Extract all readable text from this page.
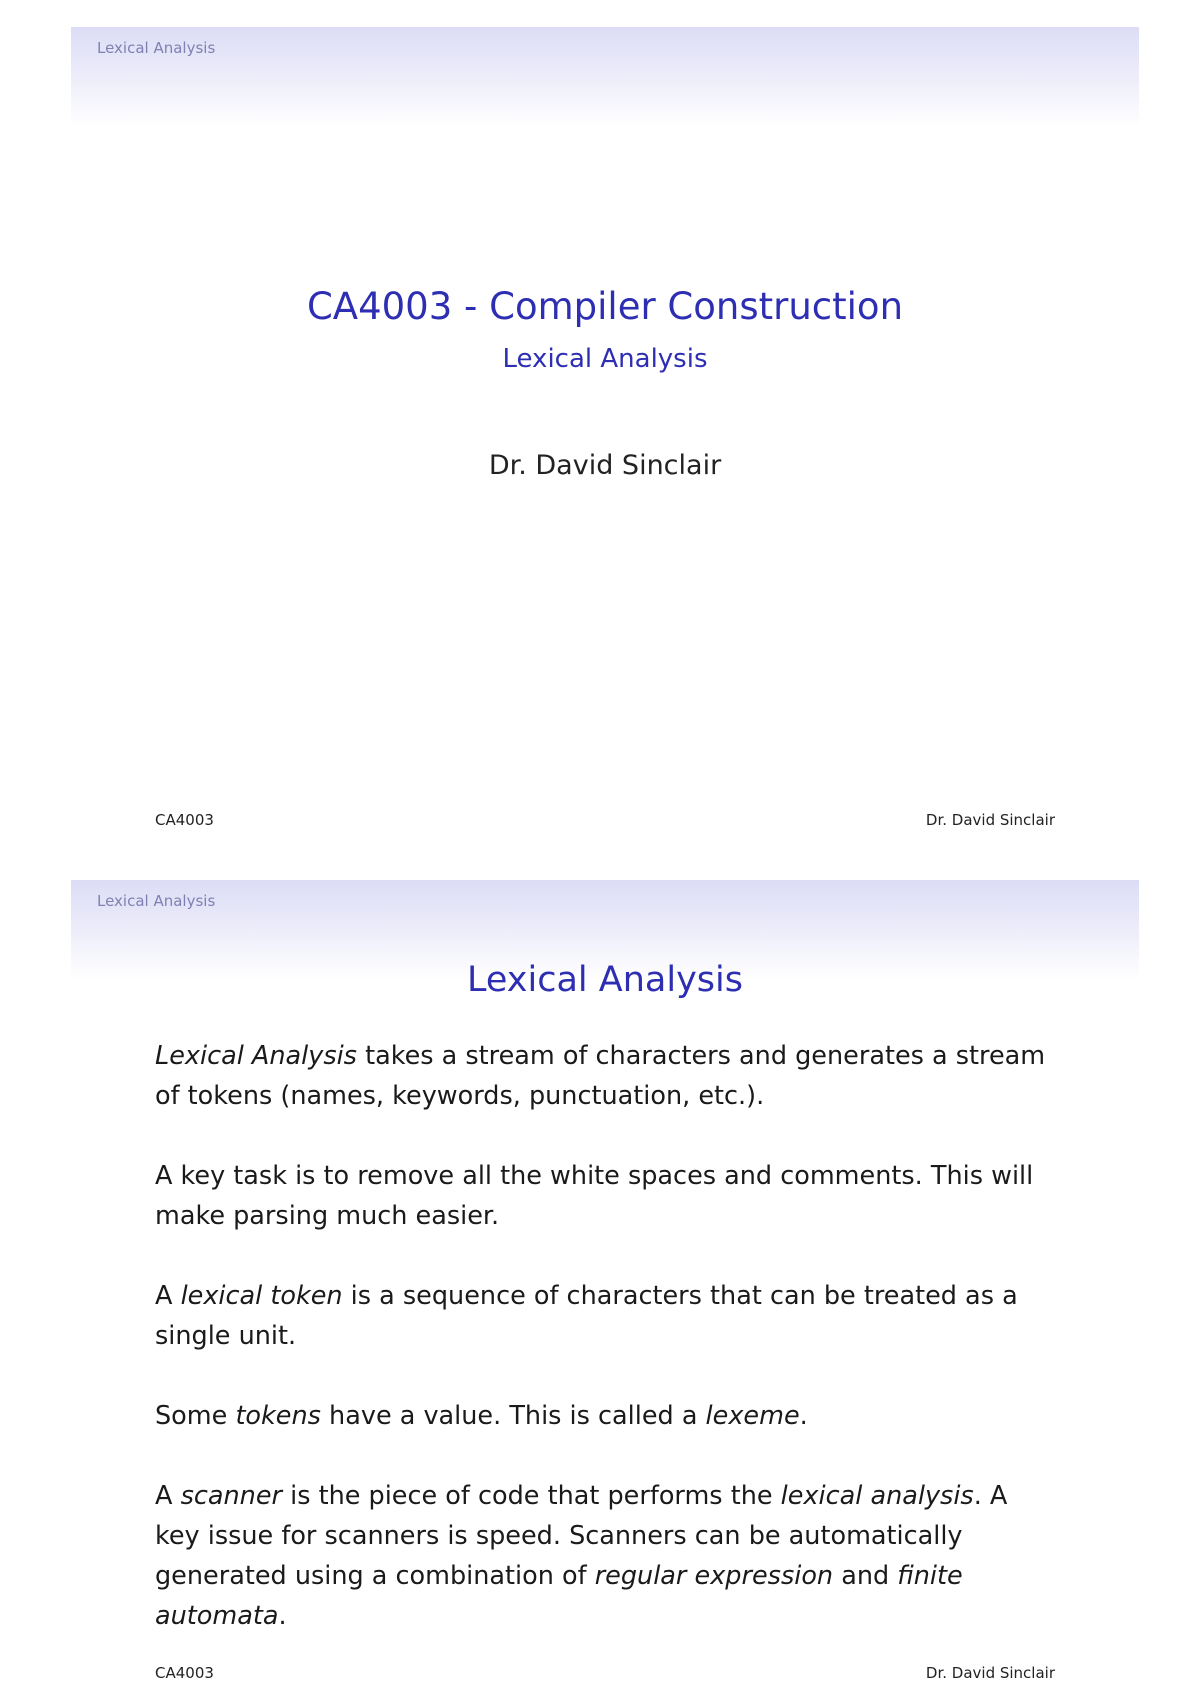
Lexical Analysis
CA4003 - Compiler Construction
Lexical Analysis
Dr. David Sinclair
CA4003	Dr. David Sinclair
Lexical Analysis
Lexical Analysis

Lexical Analysis takes a stream of characters and generates a stream of tokens (names, keywords, punctuation, etc.).

A key task is to remove all the white spaces and comments. This will make parsing much easier.

A lexical token is a sequence of characters that can be treated as a single unit.

Some tokens have a value. This is called a lexeme.

A scanner is the piece of code that performs the lexical analysis. A key issue for scanners is speed. Scanners can be automatically generated using a combination of regular expression and finite automata.

CA4003	Dr. David Sinclair
